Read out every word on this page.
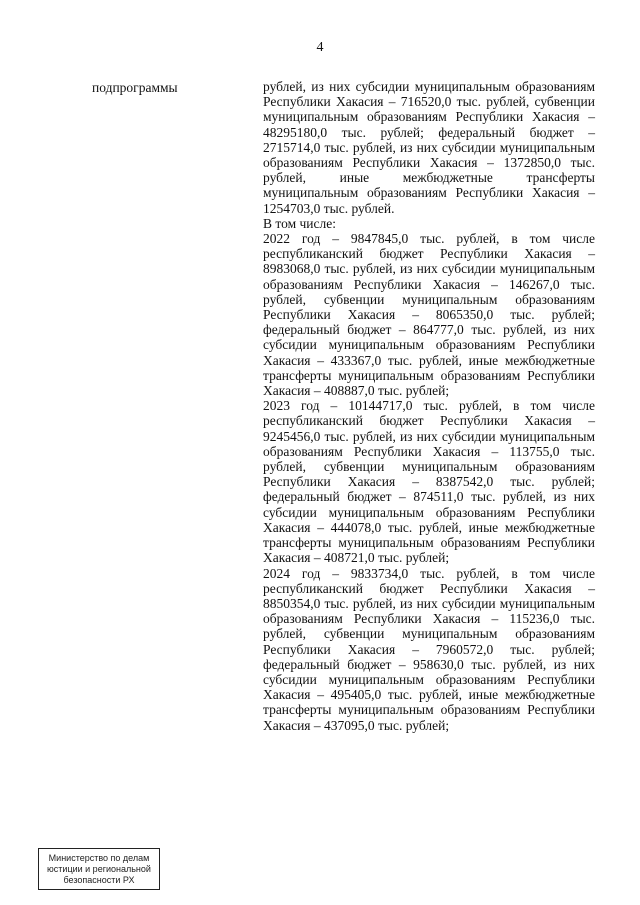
4
подпрограммы	рублей, из них субсидии муниципальным образованиям Республики Хакасия – 716520,0 тыс. рублей, субвенции муниципальным образованиям Республики Хакасия – 48295180,0 тыс. рублей; федеральный бюджет – 2715714,0 тыс. рублей, из них субсидии муниципальным образованиям Республики Хакасия – 1372850,0 тыс. рублей, иные межбюджетные трансферты муниципальным образованиям Республики Хакасия – 1254703,0 тыс. рублей.

В том числе:

2022 год – 9847845,0 тыс. рублей, в том числе республиканский бюджет Республики Хакасия – 8983068,0 тыс. рублей, из них субсидии муниципальным образованиям Республики Хакасия – 146267,0 тыс. рублей, субвенции муниципальным образованиям Республики Хакасия – 8065350,0 тыс. рублей; федеральный бюджет – 864777,0 тыс. рублей, из них субсидии муниципальным образованиям Республики Хакасия – 433367,0 тыс. рублей, иные межбюджетные трансферты муниципальным образованиям Республики Хакасия – 408887,0 тыс. рублей;

2023 год – 10144717,0 тыс. рублей, в том числе республиканский бюджет Республики Хакасия – 9245456,0 тыс. рублей, из них субсидии муниципальным образованиям Республики Хакасия – 113755,0 тыс. рублей, субвенции муниципальным образованиям Республики Хакасия – 8387542,0 тыс. рублей; федеральный бюджет – 874511,0 тыс. рублей, из них субсидии муниципальным образованиям Республики Хакасия – 444078,0 тыс. рублей, иные межбюджетные трансферты муниципальным образованиям Республики Хакасия – 408721,0 тыс. рублей;

2024 год – 9833734,0 тыс. рублей, в том числе республиканский бюджет Республики Хакасия – 8850354,0 тыс. рублей, из них субсидии муниципальным образованиям Республики Хакасия – 115236,0 тыс. рублей, субвенции муниципальным образованиям Республики Хакасия – 7960572,0 тыс. рублей; федеральный бюджет – 958630,0 тыс. рублей, из них субсидии муниципальным образованиям Республики Хакасия – 495405,0 тыс. рублей, иные межбюджетные трансферты муниципальным образованиям Республики Хакасия – 437095,0 тыс. рублей;

Министерство по делам
юстиции и региональной
безопасности РХ
